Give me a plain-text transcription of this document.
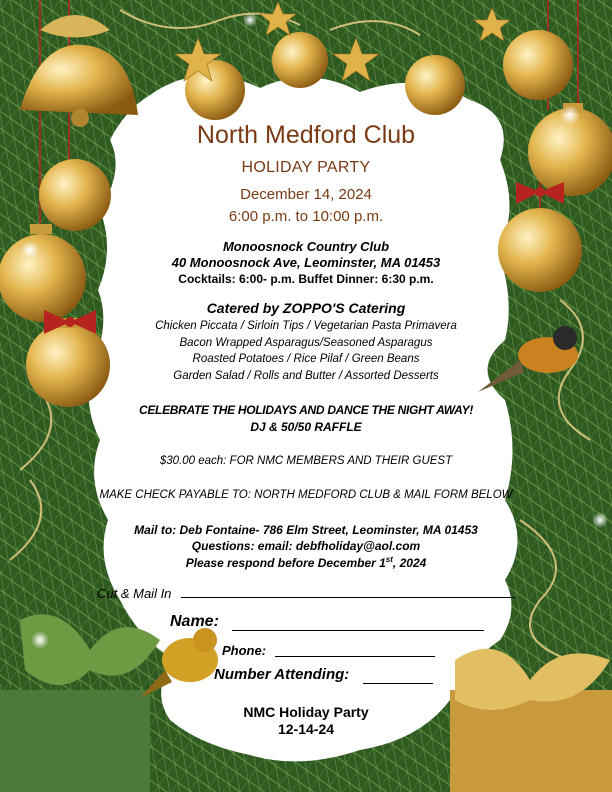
North Medford Club
HOLIDAY PARTY
December 14, 2024
6:00 p.m. to 10:00 p.m.
Monoosnock Country Club
40 Monoosnock Ave, Leominster, MA 01453
Cocktails: 6:00- p.m. Buffet Dinner: 6:30 p.m.
Catered by ZOPPO'S Catering
Chicken Piccata / Sirloin Tips / Vegetarian Pasta Primavera
Bacon Wrapped Asparagus/Seasoned Asparagus
Roasted Potatoes / Rice Pilaf / Green Beans
Garden Salad / Rolls and Butter / Assorted Desserts
CELEBRATE THE HOLIDAYS AND DANCE THE NIGHT AWAY!
DJ & 50/50 RAFFLE
$30.00 each: FOR NMC MEMBERS AND THEIR GUEST
MAKE CHECK PAYABLE TO: NORTH MEDFORD CLUB & MAIL FORM BELOW
Mail to: Deb Fontaine- 786 Elm Street, Leominster, MA 01453
Questions: email: debfholiday@aol.com
Please respond before December 1st, 2024
Cut & Mail In
Name:
Phone:
Number Attending:
NMC Holiday Party
12-14-24
